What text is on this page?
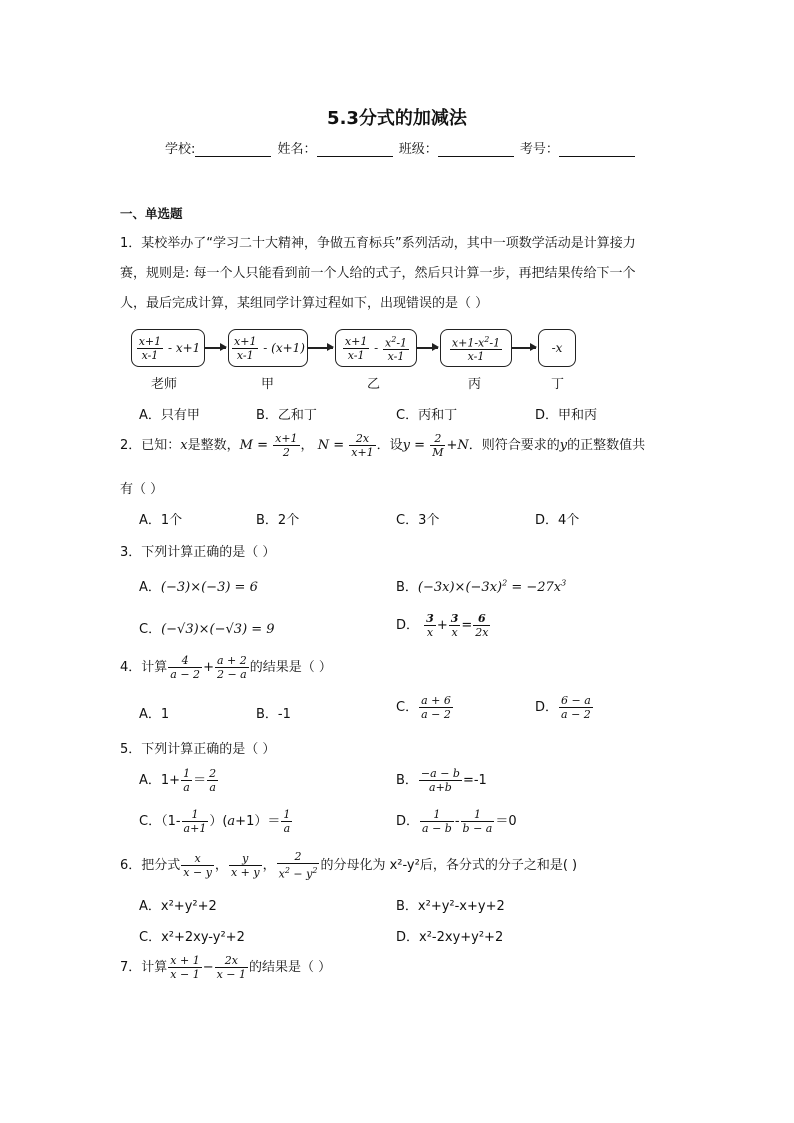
5.3分式的加减法
学校:	姓名：	班级：	考号：
一、单选题
1．某校举办了“学习二十大精神，争做五育标兵”系列活动，其中一项数学活动是计算接力
赛，规则是: 每一个人只能看到前一个人给的式子，然后只计算一步，再把结果传给下一个
人，最后完成计算，某组同学计算过程如下，出现错误的是（ ）
$\frac{x+1}{x-1} - x+1$	$\frac{x+1}{x-1} - (x+1)$	$\frac{x+1}{x-1} - \frac{x^2-1}{x-1}$	$\frac{x+1-x^2-1}{x-1}$	-x
老师	甲	乙	丙	丁
A．只有甲	B．乙和丁	C．丙和丁	D．甲和丙
2．已知：x是整数，$M = \frac{x+1}{2}$ ， $N = \frac{2x}{x+1}$ ．设$y = \frac{2}{M} +N$．则符合要求的y的正整数值共
有（ ）
A．1个	B．2个	C．3个	D．4个
3．下列计算正确的是（ ）
A．(−3)×(−3) = 6	B．$(-3x)\times(-3x)^2 = -27x^3$
C．(−√3)×(−√3) = 9	D． $\frac{3}{x} + \frac{3}{x} = \frac{6}{2x}$
4．计算 $\frac{4}{a - 2} + \frac{a + 2}{2 - a}$ 的结果是（ ）
A．1	B．-1	C． $\frac{a + 6}{a - 2}$	D． $\frac{6 - a}{a - 2}$
5．下列计算正确的是（ ）
A．$1+ \frac{1}{a} = \frac{2}{a}$	B． $\frac{-a - b}{a+b} =-1$
C．$(1- \frac{1}{a+1} )(a+1)= \frac{1}{a}$	D． $\frac{1}{a - b} - \frac{1}{b - a} =0$
6．把分式 $\frac{x}{x - y}$ ， $\frac{y}{x + y}$ ， $\frac{2}{x^2 - y^2}$ 的分母化为 x²-y²后，各分式的分子之和是( )
A．x²+y²+2	B．x²+y²-x+y+2
C．x²+2xy-y²+2	D．x²-2xy+y²+2
7．计算 $\frac{x + 1}{x - 1} - \frac{2x}{x - 1}$ 的结果是（ ）
